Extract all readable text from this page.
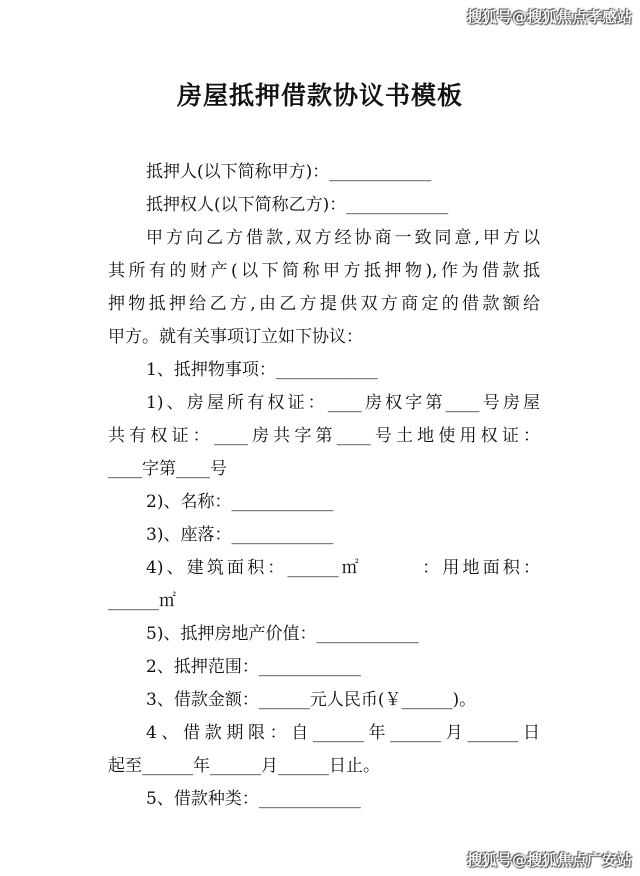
搜狐号@搜狐焦点孝感站
房屋抵押借款协议书模板

抵押人(以下简称甲方)：____________

抵押权人(以下简称乙方)：____________

甲方向乙方借款,双方经协商一致同意,甲方以

其所有的财产(以下简称甲方抵押物),作为借款抵

押物抵押给乙方,由乙方提供双方商定的借款额给

甲方。就有关事项订立如下协议：

1、抵押物事项：____________

1)、房屋所有权证：____房权字第____号房屋

共有权证：____房共字第____号土地使用权证：

____字第____号

2)、名称：____________

3)、座落：____________

4)、建筑面积：______㎡　　　：用地面积：

______㎡

5)、抵押房地产价值：____________

2、抵押范围：____________

3、借款金额：______元人民币(￥______)。

4、借款期限：自______年______月______日

起至______年______月______日止。

5、借款种类：____________

搜狐号@搜狐焦点广安站
